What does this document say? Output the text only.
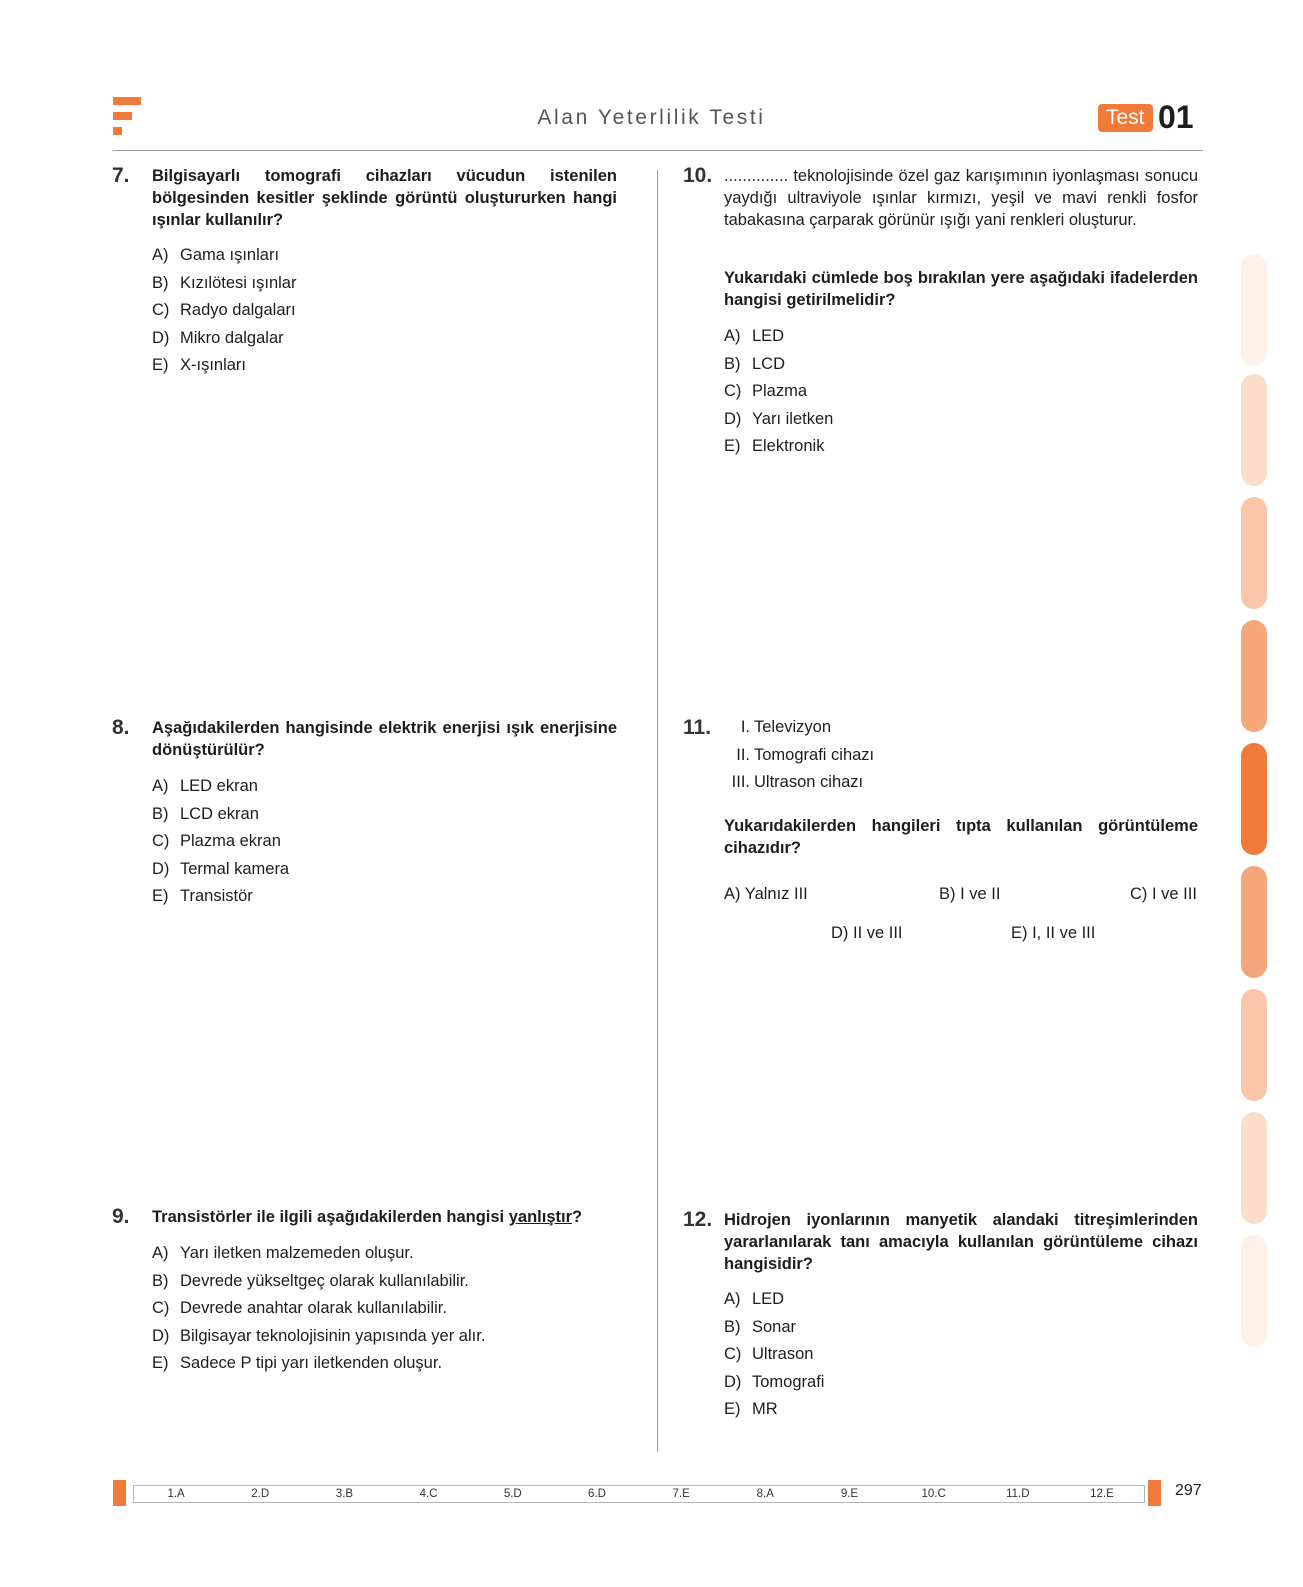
Alan Yeterlilik Testi	Test 01
7. Bilgisayarlı tomografi cihazları vücudun istenilen bölgesinden kesitler şeklinde görüntü oluştururken hangi ışınlar kullanılır?
A) Gama ışınları
B) Kızılötesi ışınlar
C) Radyo dalgaları
D) Mikro dalgalar
E) X-ışınları
8. Aşağıdakilerden hangisinde elektrik enerjisi ışık enerjisine dönüştürülür?
A) LED ekran
B) LCD ekran
C) Plazma ekran
D) Termal kamera
E) Transistör
9. Transistörler ile ilgili aşağıdakilerden hangisi yanlıştır?
A) Yarı iletken malzemeden oluşur.
B) Devrede yükseltgeç olarak kullanılabilir.
C) Devrede anahtar olarak kullanılabilir.
D) Bilgisayar teknolojisinin yapısında yer alır.
E) Sadece P tipi yarı iletkenden oluşur.
10. .............. teknolojisinde özel gaz karışımının iyonlaşması sonucu yaydığı ultraviyole ışınlar kırmızı, yeşil ve mavi renkli fosfor tabakasına çarparak görünür ışığı yani renkleri oluşturur.
Yukarıdaki cümlede boş bırakılan yere aşağıdaki ifadelerden hangisi getirilmelidir?
A) LED
B) LCD
C) Plazma
D) Yarı iletken
E) Elektronik
11.	I. Televizyon
II. Tomografi cihazı
III. Ultrason cihazı
Yukarıdakilerden hangileri tıpta kullanılan görüntüleme cihazıdır?
A) Yalnız III	B) I ve II	C) I ve III
D) II ve III	E) I, II ve III
12. Hidrojen iyonlarının manyetik alandaki titreşimlerinden yararlanılarak tanı amacıyla kullanılan görüntüleme cihazı hangisidir?
A) LED
B) Sonar
C) Ultrason
D) Tomografi
E) MR
1.A	2.D	3.B	4.C	5.D	6.D	7.E	8.A	9.E	10.C	11.D	12.E	297
